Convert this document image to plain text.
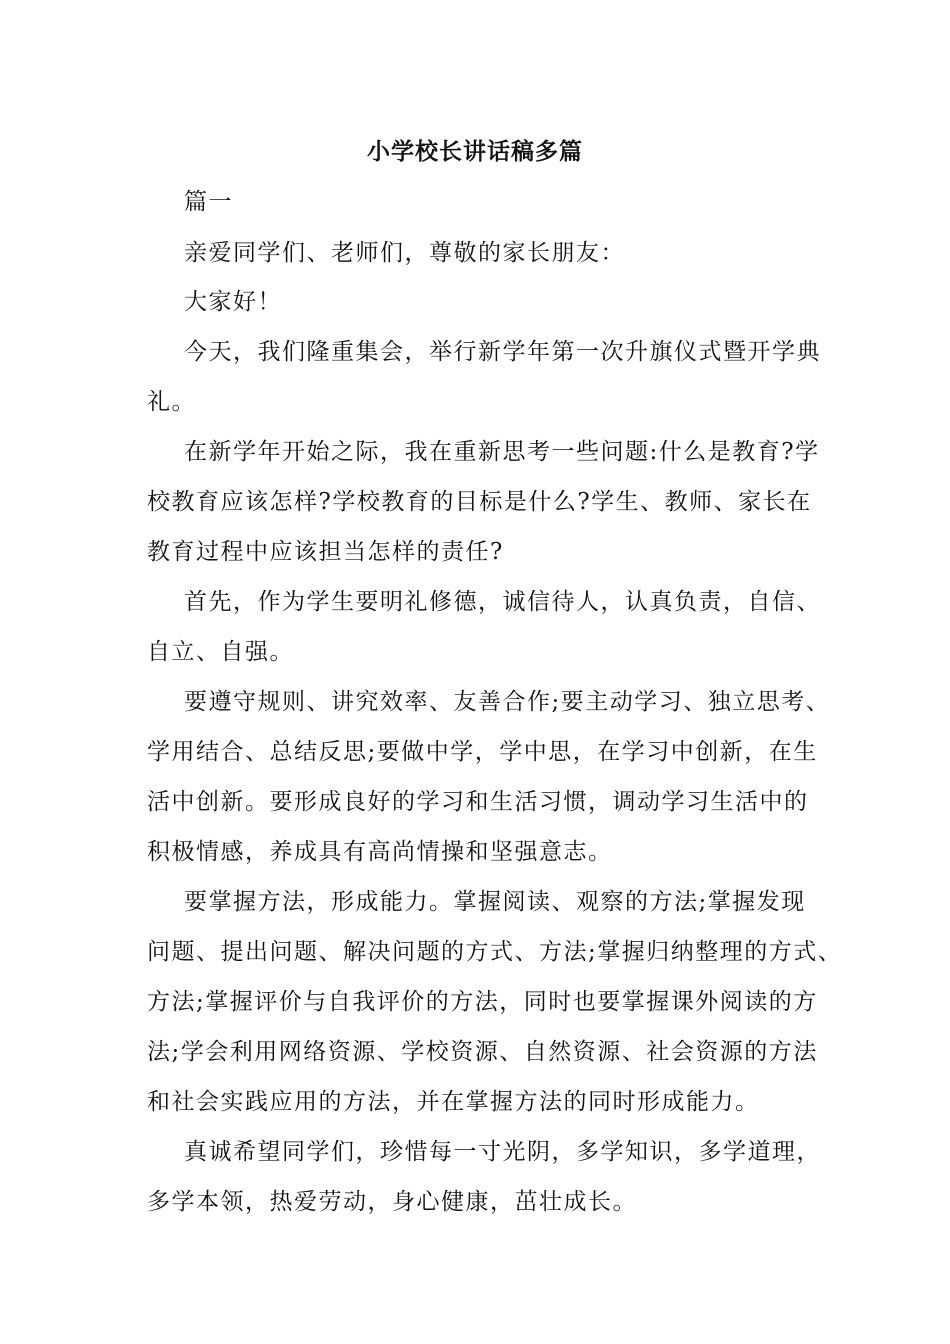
小学校长讲话稿多篇
篇一
亲爱同学们、老师们，尊敬的家长朋友：
大家好！
今天，我们隆重集会，举行新学年第一次升旗仪式暨开学典
礼。
在新学年开始之际，我在重新思考一些问题:什么是教育?学
校教育应该怎样?学校教育的目标是什么?学生、教师、家长在
教育过程中应该担当怎样的责任?
首先，作为学生要明礼修德，诚信待人，认真负责，自信、
自立、自强。
要遵守规则、讲究效率、友善合作;要主动学习、独立思考、
学用结合、总结反思;要做中学，学中思，在学习中创新，在生
活中创新。要形成良好的学习和生活习惯，调动学习生活中的
积极情感，养成具有高尚情操和坚强意志。
要掌握方法，形成能力。掌握阅读、观察的方法;掌握发现
问题、提出问题、解决问题的方式、方法;掌握归纳整理的方式、
方法;掌握评价与自我评价的方法，同时也要掌握课外阅读的方
法;学会利用网络资源、学校资源、自然资源、社会资源的方法
和社会实践应用的方法，并在掌握方法的同时形成能力。
真诚希望同学们，珍惜每一寸光阴，多学知识，多学道理，
多学本领，热爱劳动，身心健康，茁壮成长。
